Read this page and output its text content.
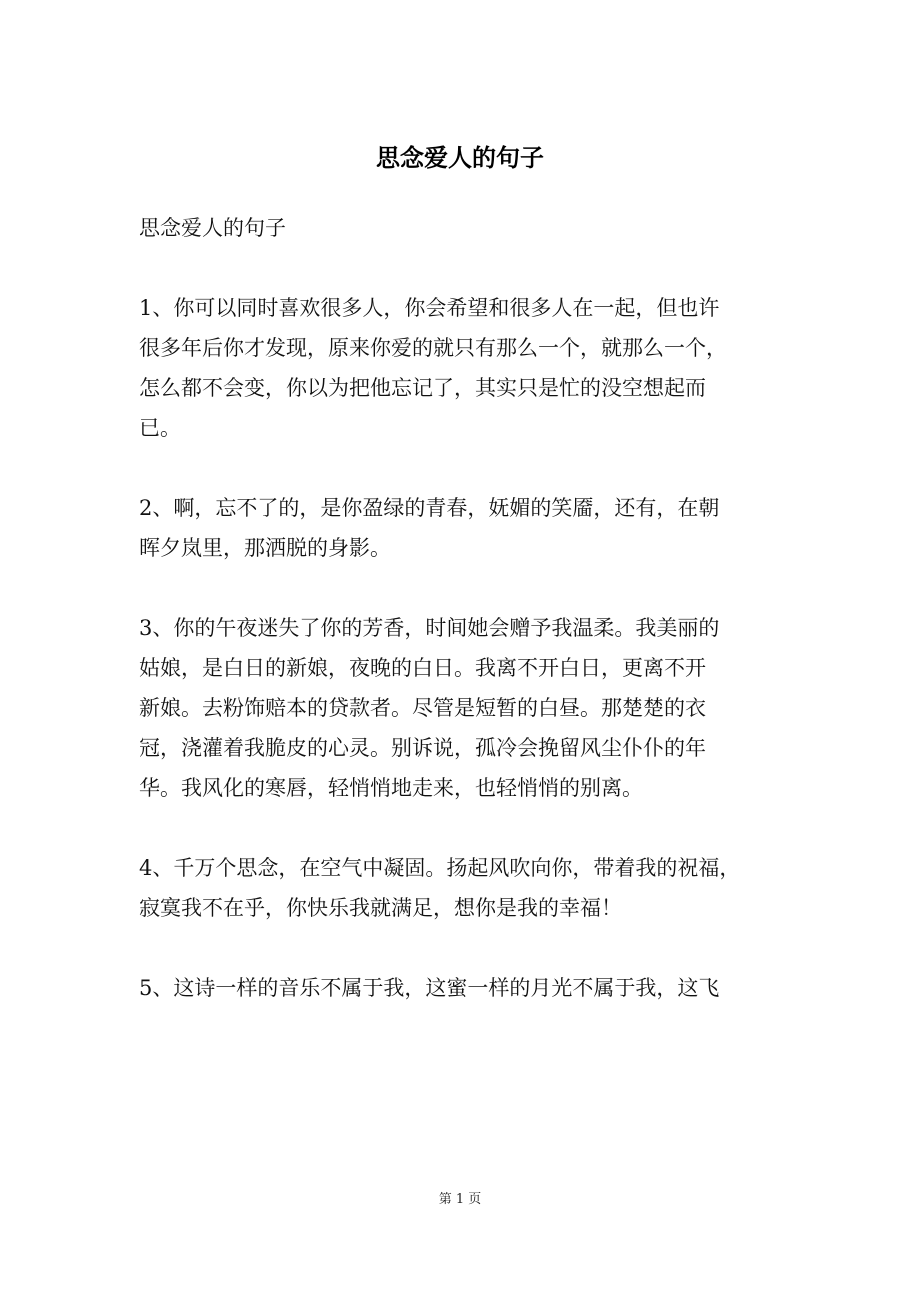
思念爱人的句子

思念爱人的句子

1、你可以同时喜欢很多人，你会希望和很多人在一起，但也许
很多年后你才发现，原来你爱的就只有那么一个，就那么一个，
怎么都不会变，你以为把他忘记了，其实只是忙的没空想起而
已。

2、啊，忘不了的，是你盈绿的青春，妩媚的笑靥，还有，在朝
晖夕岚里，那洒脱的身影。

3、你的午夜迷失了你的芳香，时间她会赠予我温柔。我美丽的
姑娘，是白日的新娘，夜晚的白日。我离不开白日，更离不开
新娘。去粉饰赔本的贷款者。尽管是短暂的白昼。那楚楚的衣
冠，浇灌着我脆皮的心灵。别诉说，孤冷会挽留风尘仆仆的年
华。我风化的寒唇，轻悄悄地走来，也轻悄悄的别离。

4、千万个思念，在空气中凝固。扬起风吹向你，带着我的祝福，
寂寞我不在乎，你快乐我就满足，想你是我的幸福！

5、这诗一样的音乐不属于我，这蜜一样的月光不属于我，这飞

第 1 页
